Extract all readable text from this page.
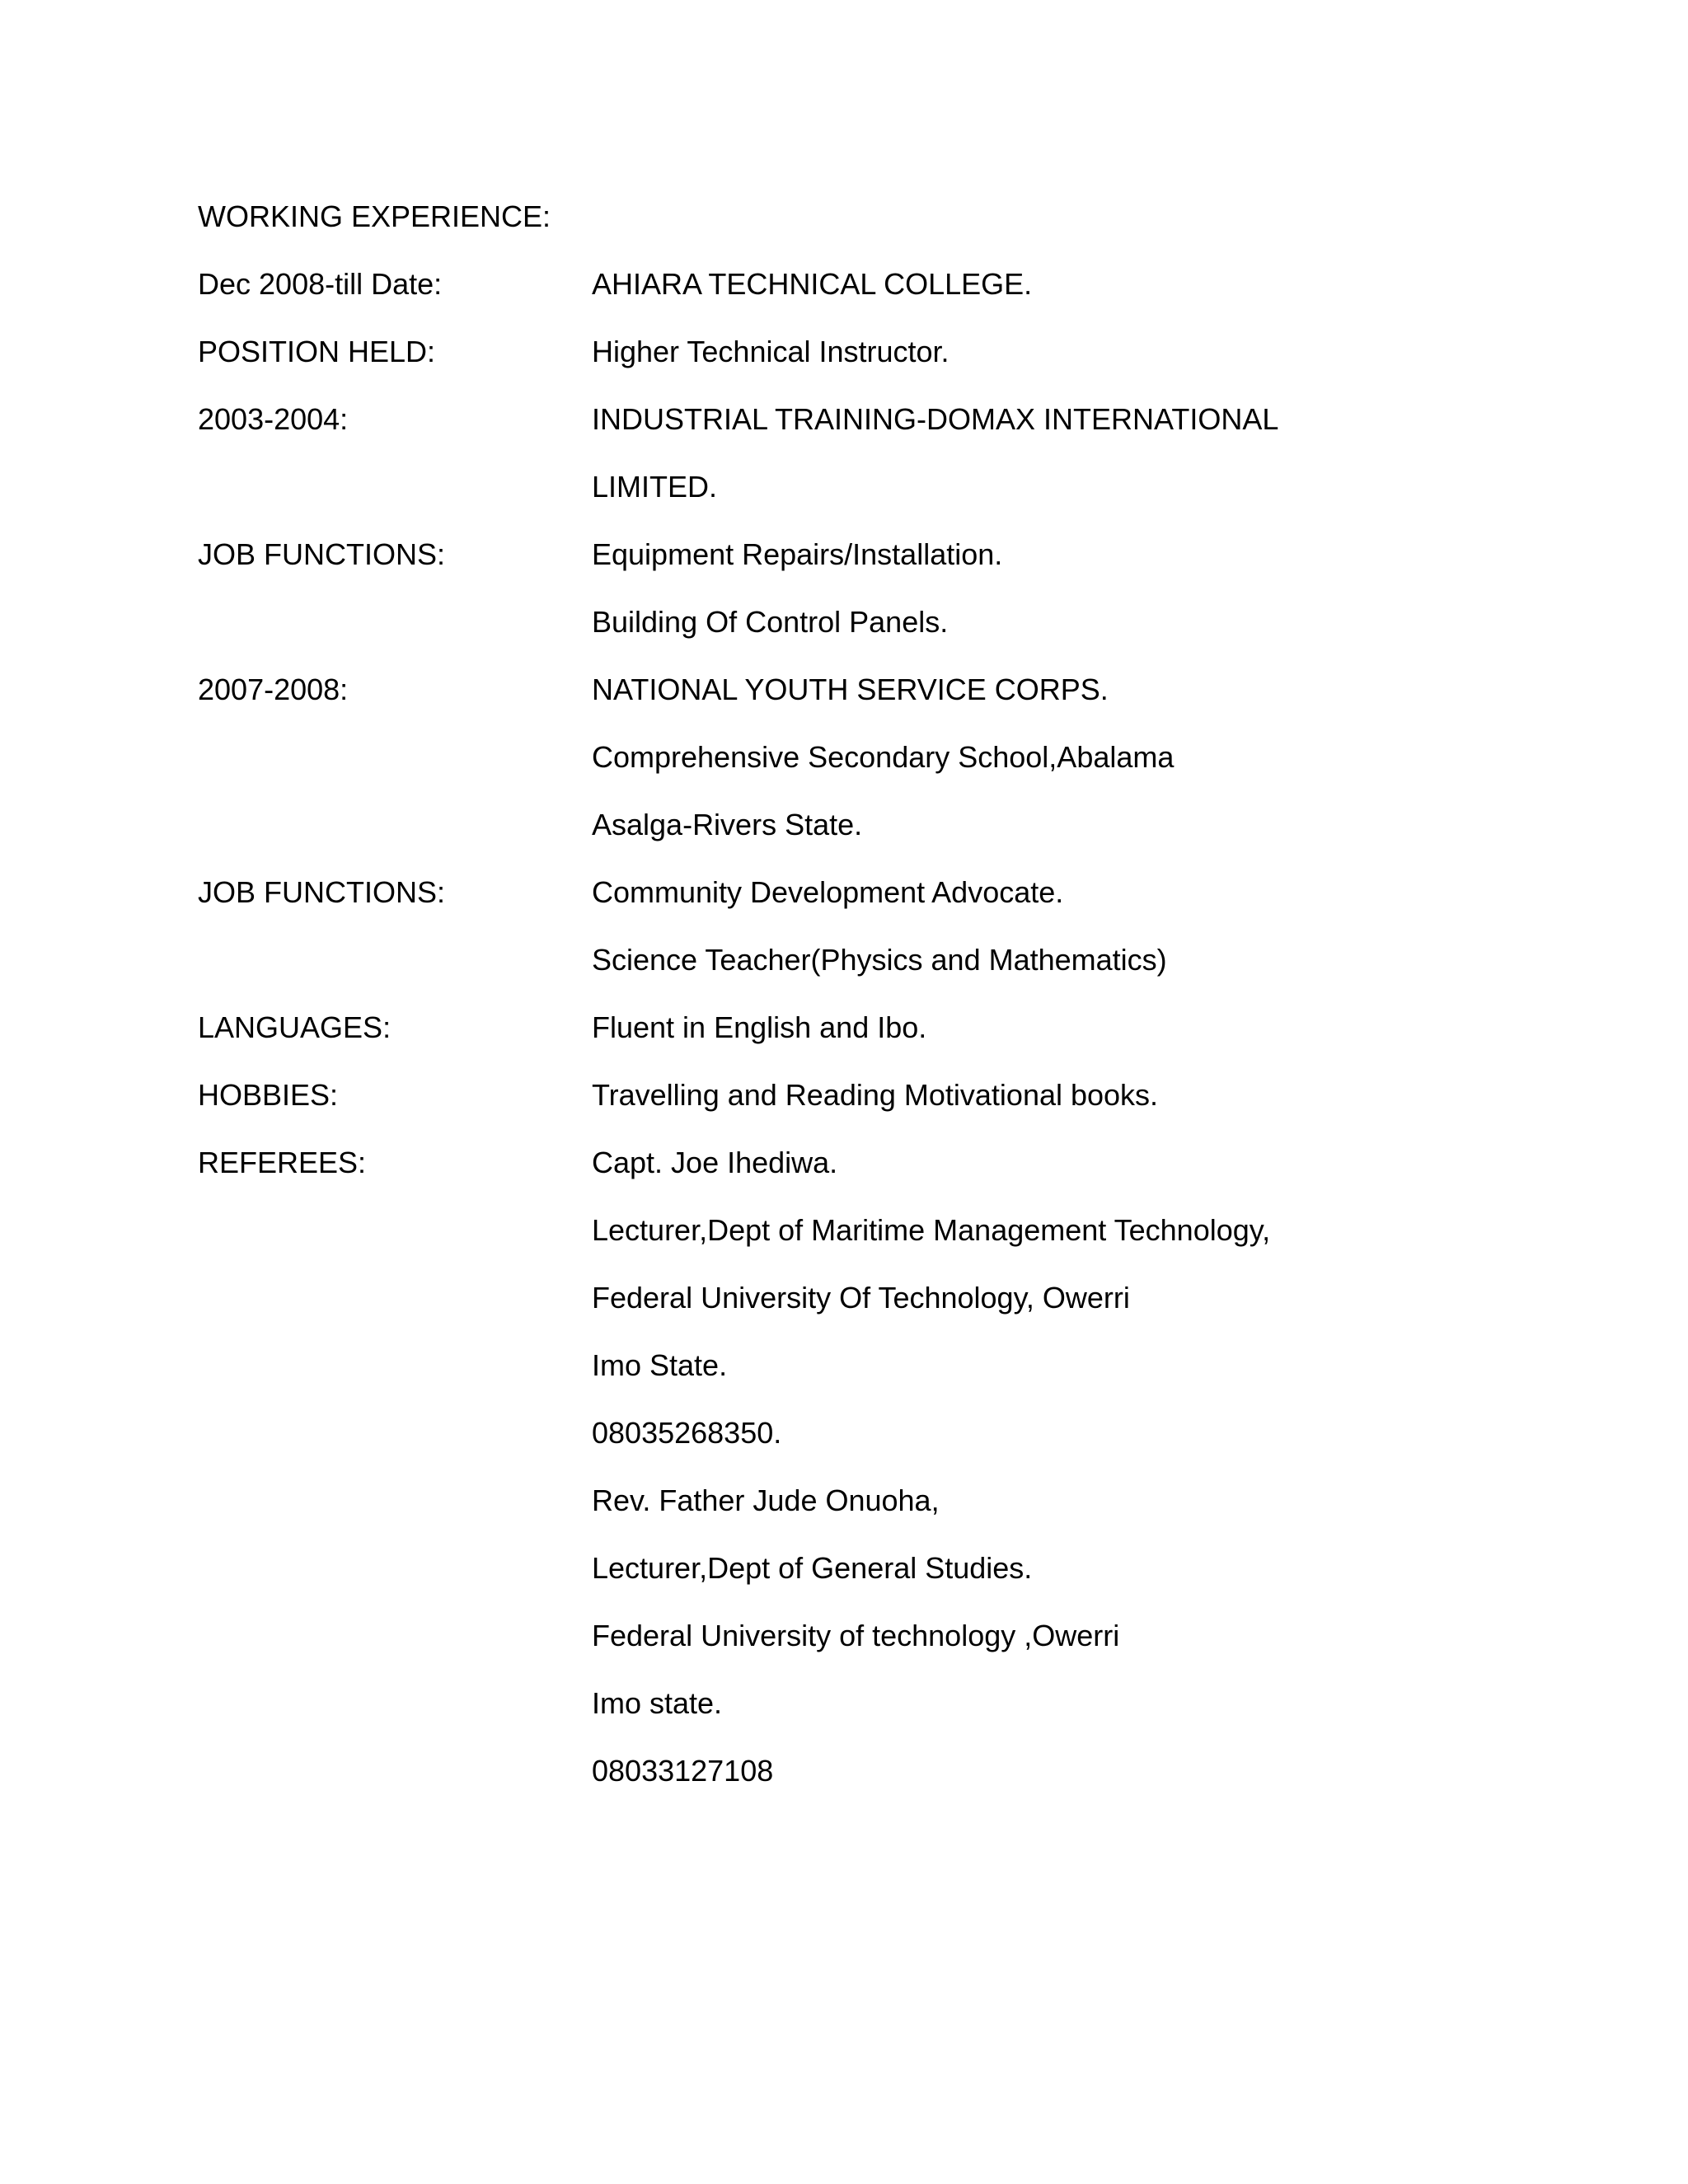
WORKING EXPERIENCE:
Dec 2008-till Date:	AHIARA TECHNICAL COLLEGE.
POSITION HELD:	Higher Technical Instructor.
2003-2004:	INDUSTRIAL TRAINING-DOMAX INTERNATIONAL
LIMITED.
JOB FUNCTIONS:	Equipment Repairs/Installation.
Building Of Control Panels.
2007-2008:	NATIONAL YOUTH SERVICE CORPS.
Comprehensive Secondary School,Abalama
Asalga-Rivers State.
JOB FUNCTIONS:	Community Development Advocate.
Science Teacher(Physics and Mathematics)
LANGUAGES:	Fluent in English and Ibo.
HOBBIES:	Travelling and Reading Motivational books.
REFEREES:	Capt. Joe Ihediwa.
Lecturer,Dept of Maritime Management Technology,
Federal University Of Technology, Owerri
Imo State.
08035268350.
Rev. Father Jude Onuoha,
Lecturer,Dept of General Studies.
Federal University of technology ,Owerri
Imo state.
08033127108
